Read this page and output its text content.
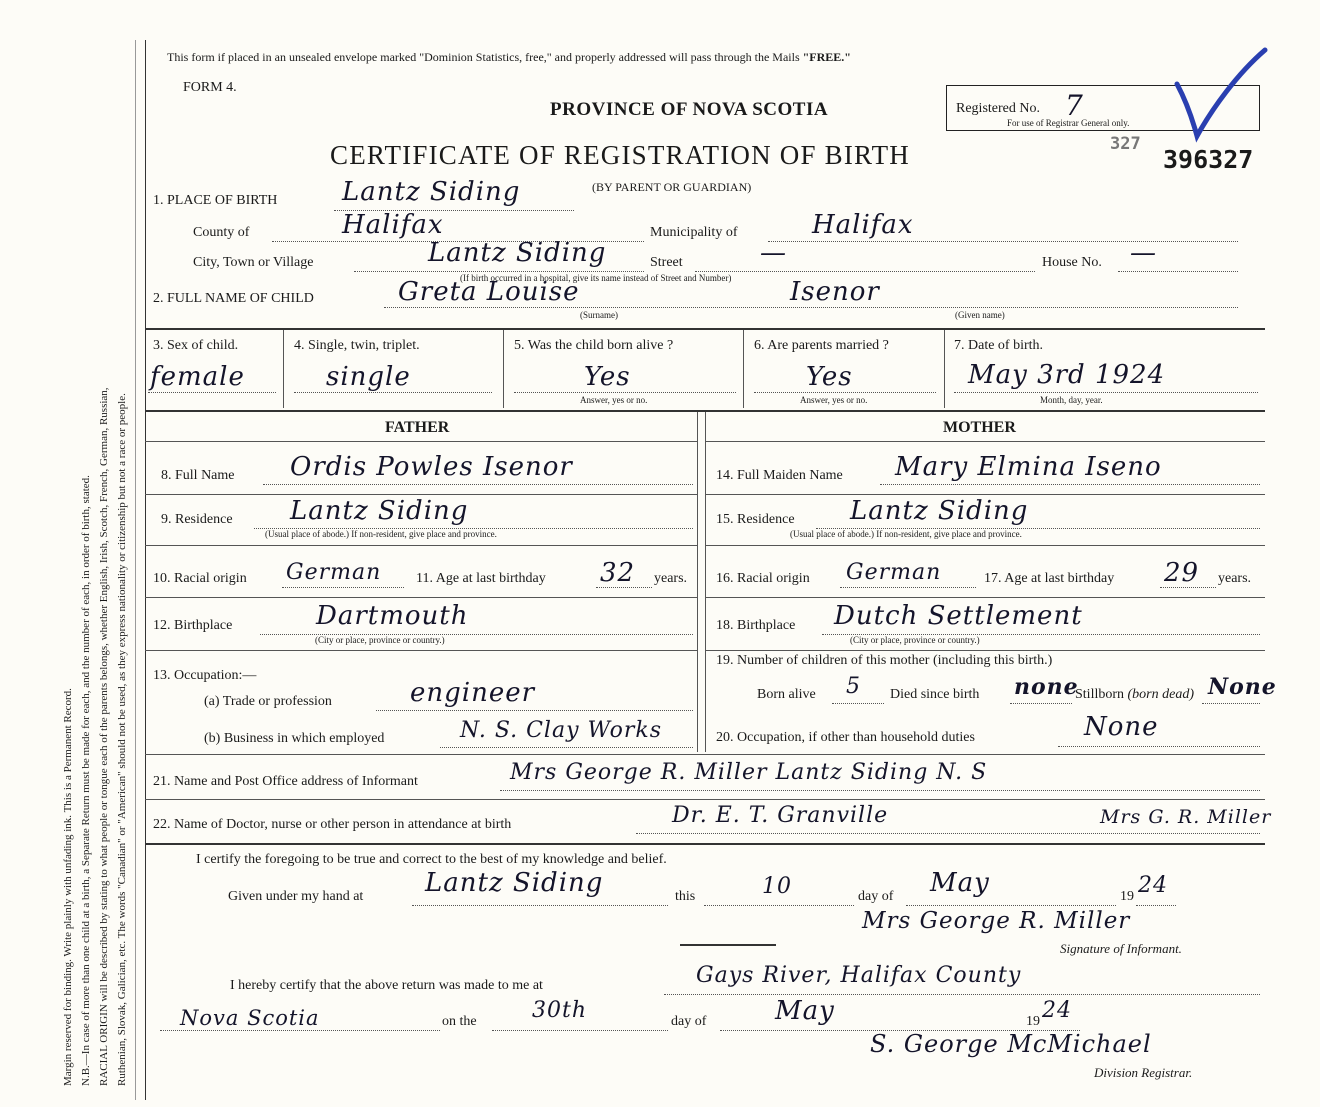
Margin reserved for binding. Write plainly with unfading ink. This is a Permanent Record. N.B.—In case of more than one child at a birth, a Separate Return must be made for each, and the number of each, in order of birth, stated. RACIAL ORIGIN will be described by stating to what people or tongue each of the parents belongs, whether English, Irish, Scotch, French, German, Russian, Ruthenian, Slovak, Galician, etc. The words "Canadian" or "American" should not be used, as they express nationality or citizenship but not a race or people.
This form if placed in an unsealed envelope marked "Dominion Statistics, free," and properly addressed will pass through the Mails "FREE."
FORM 4.
PROVINCE OF NOVA SCOTIA
CERTIFICATE OF REGISTRATION OF BIRTH
(BY PARENT OR GUARDIAN)
Registered No. 7
For use of Registrar General only.
327
396327
1. PLACE OF BIRTH Lantz Siding
County of	Halifax	Municipality of	Halifax
City, Town or Village	Lantz Siding	Street	—	House No. —
(If birth occurred in a hospital, give its name instead of Street and Number)
2. FULL NAME OF CHILD	Greta Louise	Isenor
(Surname)	(Given name)
3. Sex of child.
female
4. Single, twin, triplet.
single
5. Was the child born alive ?
Yes
Answer, yes or no.
6. Are parents married ?
Yes
Answer, yes or no.
7. Date of birth.
May 3rd 1924
Month, day, year.
FATHER	MOTHER
8. Full Name Ordis Powles Isenor
9. Residence Lantz Siding
(Usual place of abode.) If non-resident, give place and province.
10. Racial origin German 11. Age at last birthday 32 years.
12. Birthplace	Dartmouth
(City or place, province or country.)
13. Occupation:—
(a) Trade or profession	engineer
(b) Business in which employed	N. S. Clay Works
14. Full Maiden Name Mary Elmina Iseno
15. Residence Lantz Siding
(Usual place of abode.) If non-resident, give place and province.
16. Racial origin German	17. Age at last birthday 29 years.
18. Birthplace Dutch Settlement
(City or place, province or country.)
19. Number of children of this mother (including this birth.)
Born alive 5 Died since birth none
Stillborn (born dead) None
20. Occupation, if other than household duties	None
21. Name and Post Office address of Informant	Mrs George R. Miller Lantz Siding N. S
22. Name of Doctor, nurse or other person in attendance at birth	Dr. E. T. Granville	Mrs G. R. Miller
I certify the foregoing to be true and correct to the best of my knowledge and belief.
Given under my hand at Lantz Siding	this	10	day of May	19 24
Mrs George R. Miller
Signature of Informant.
I hereby certify that the above return was made to me at	Gays River, Halifax County
Nova Scotia	on the	30th	day of	May	19 24
S. George McMichael
Division Registrar.
